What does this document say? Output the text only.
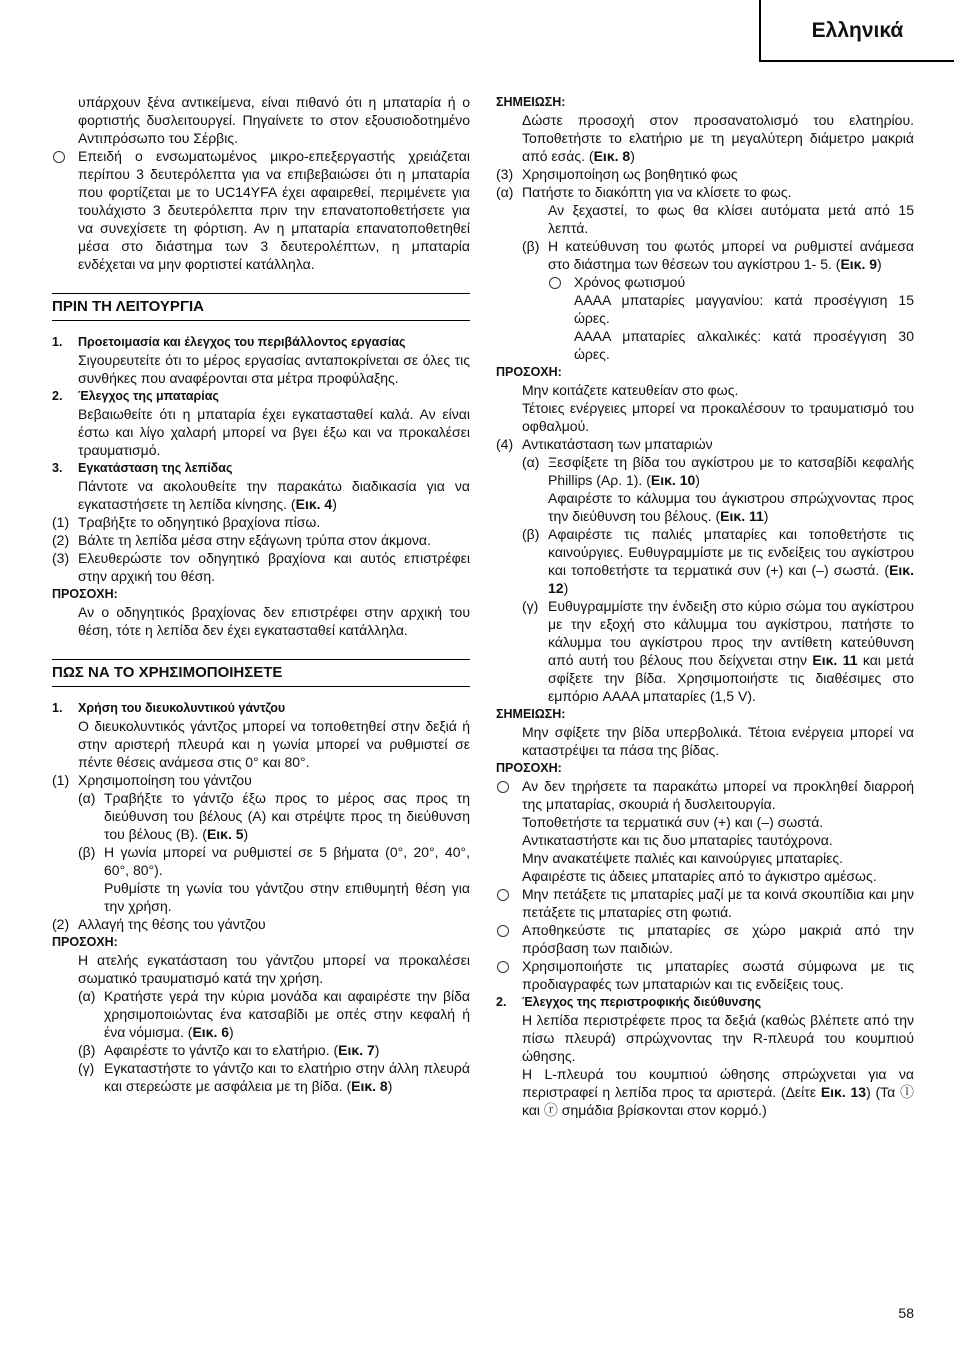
Ελληνικά

υπάρχουν ξένα αντικείμενα, είναι πιθανό ότι η μπαταρία ή ο φορτιστής δυσλειτουργεί. Πηγαίνετε το στον εξουσιοδοτημένο Αντιπρόσωπο του Σέρβις.

Επειδή ο ενσωματωμένος μικρο-επεξεργαστής χρειάζεται περίπου 3 δευτερόλεπτα για να επιβεβαιώσει ότι η μπαταρία που φορτίζεται με το UC14YFA έχει αφαιρεθεί, περιμένετε για τουλάχιστο 3 δευτερόλεπτα πριν την επανατοποθετήσετε για να συνεχίσετε τη φόρτιση. Αν η μπαταρία επανατοποθετηθεί μέσα στο διάστημα των 3 δευτερολέπτων, η μπαταρία ενδέχεται να μην φορτιστεί κατάλληλα.

ΠΡΙΝ ΤΗ ΛΕΙΤΟΥΡΓΙΑ

1. Προετοιμασία και έλεγχος του περιβάλλοντος εργασίας

Σιγουρευτείτε ότι το μέρος εργασίας ανταποκρίνεται σε όλες τις συνθήκες που αναφέρονται στα μέτρα προφύλαξης.

2. Έλεγχος της μπαταρίας

Βεβαιωθείτε ότι η μπαταρία έχει εγκατασταθεί καλά. Αν είναι έστω και λίγο χαλαρή μπορεί να βγει έξω και να προκαλέσει τραυματισμό.

3. Εγκατάσταση της λεπίδας

Πάντοτε να ακολουθείτε την παρακάτω διαδικασία για να εγκαταστήσετε τη λεπίδα κίνησης. (Εικ. 4)

(1) Τραβήξτε το οδηγητικό βραχίονα πίσω.

(2) Βάλτε τη λεπίδα μέσα στην εξάγωνη τρύπα στον άκμονα.

(3) Ελευθερώστε τον οδηγητικό βραχίονα και αυτός επιστρέφει στην αρχική του θέση.

ΠΡΟΣΟΧΗ:

Αν ο οδηγητικός βραχίονας δεν επιστρέφει στην αρχική του θέση, τότε η λεπίδα δεν έχει εγκατασταθεί κατάλληλα.

ΠΩΣ ΝΑ ΤΟ ΧΡΗΣΙΜΟΠΟΙΗΣΕΤΕ

1. Χρήση του διευκολυντικού γάντζου

Ο διευκολυντικός γάντζος μπορεί να τοποθετηθεί στην δεξιά ή στην αριστερή πλευρά και η γωνία μπορεί να ρυθμιστεί σε πέντε θέσεις ανάμεσα στις 0° και 80°.

(1) Χρησιμοποίηση του γάντζου

(α) Τραβήξτε το γάντζο έξω προς το μέρος σας προς τη διεύθυνση του βέλους (A) και στρέψτε προς τη διεύθυνση του βέλους (B). (Εικ. 5)

(β) Η γωνία μπορεί να ρυθμιστεί σε 5 βήματα (0°, 20°, 40°, 60°, 80°).

Ρυθμίστε τη γωνία του γάντζου στην επιθυμητή θέση για την χρήση.

(2) Αλλαγή της θέσης του γάντζου

ΠΡΟΣΟΧΗ:

Η ατελής εγκατάσταση του γάντζου μπορεί να προκαλέσει σωματικό τραυματισμό κατά την χρήση.

(α) Κρατήστε γερά την κύρια μονάδα και αφαιρέστε την βίδα χρησιμοποιώντας ένα κατσαβίδι με οπές στην κεφαλή ή ένα νόμισμα. (Εικ. 6)

(β) Αφαιρέστε το γάντζο και το ελατήριο. (Εικ. 7)

(γ) Εγκαταστήστε το γάντζο και το ελατήριο στην άλλη πλευρά και στερεώστε με ασφάλεια με τη βίδα. (Εικ. 8)

ΣΗΜΕΙΩΣΗ:

Δώστε προσοχή στον προσανατολισμό του ελατηρίου. Τοποθετήστε το ελατήριο με τη μεγαλύτερη διάμετρο μακριά από εσάς. (Εικ. 8)

(3) Χρησιμοποίηση ως βοηθητικό φως

(α) Πατήστε το διακόπτη για να κλίσετε το φως.

Αν ξεχαστεί, το φως θα κλίσει αυτόματα μετά από 15 λεπτά.

(β) Η κατεύθυνση του φωτός μπορεί να ρυθμιστεί ανάμεσα στο διάστημα των θέσεων του αγκίστρου 1- 5. (Εικ. 9)

Χρόνος φωτισμού

AAAA μπαταρίες μαγγανίου: κατά προσέγγιση 15 ώρες.

AAAA μπαταρίες αλκαλικές: κατά προσέγγιση 30 ώρες.

ΠΡΟΣΟΧΗ:

Μην κοιτάζετε κατευθείαν στο φως.

Τέτοιες ενέργειες μπορεί να προκαλέσουν το τραυματισμό του οφθαλμού.

(4) Αντικατάσταση των μπαταριών

(α) Ξεσφίξετε τη βίδα του αγκίστρου με το κατσαβίδι κεφαλής Phillips (Αρ. 1). (Εικ. 10)

Αφαιρέστε το κάλυμμα του άγκιστρου σπρώχνοντας προς την διεύθυνση του βέλους. (Εικ. 11)

(β) Αφαιρέστε τις παλιές μπαταρίες και τοποθετήστε τις καινούργιες. Ευθυγραμμίστε με τις ενδείξεις του αγκίστρου και τοποθετήστε τα τερματικά συν (+) και (–) σωστά. (Εικ. 12)

(γ) Ευθυγραμμίστε την ένδειξη στο κύριο σώμα του αγκίστρου με την εξοχή στο κάλυμμα του αγκίστρου, πατήστε το κάλυμμα του αγκίστρου προς την αντίθετη κατεύθυνση από αυτή του βέλους που δείχνεται στην Εικ. 11 και μετά σφίξετε την βίδα. Χρησιμοποιήστε τις διαθέσιμες στο εμπόριο AAAA μπαταρίες (1,5 V).

ΣΗΜΕΙΩΣΗ:

Μην σφίξετε την βίδα υπερβολικά. Τέτοια ενέργεια μπορεί να καταστρέψει τα πάσα της βίδας.

ΠΡΟΣΟΧΗ:

Αν δεν τηρήσετε τα παρακάτω μπορεί να προκληθεί διαρροή της μπαταρίας, σκουριά ή δυσλειτουργία.

Τοποθετήστε τα τερματικά συν (+) και (–) σωστά.

Αντικαταστήστε και τις δυο μπαταρίες ταυτόχρονα.

Μην ανακατέψετε παλιές και καινούργιες μπαταρίες.

Αφαιρέστε τις άδειες μπαταρίες από το άγκιστρο αμέσως.

Μην πετάξετε τις μπαταρίες μαζί με τα κοινά σκουπίδια και μην πετάξετε τις μπαταρίες στη φωτιά.

Αποθηκεύστε τις μπαταρίες σε χώρο μακριά από την πρόσβαση των παιδιών.

Χρησιμοποιήστε τις μπαταρίες σωστά σύμφωνα με τις προδιαγραφές των μπαταριών και τις ενδείξεις τους.

2. Έλεγχος της περιστροφικής διεύθυνσης

Η λεπίδα περιστρέφετε προς τα δεξιά (καθώς βλέπετε από την πίσω πλευρά) σπρώχνοντας την R-πλευρά του κουμπιού ώθησης.

Η L-πλευρά του κουμπιού ώθησης σπρώχνεται για να περιστραφεί η λεπίδα προς τα αριστερά. (Δείτε Εικ. 13) (Τα ⓛ και ⓡ σημάδια βρίσκονται στον κορμό.)

58
